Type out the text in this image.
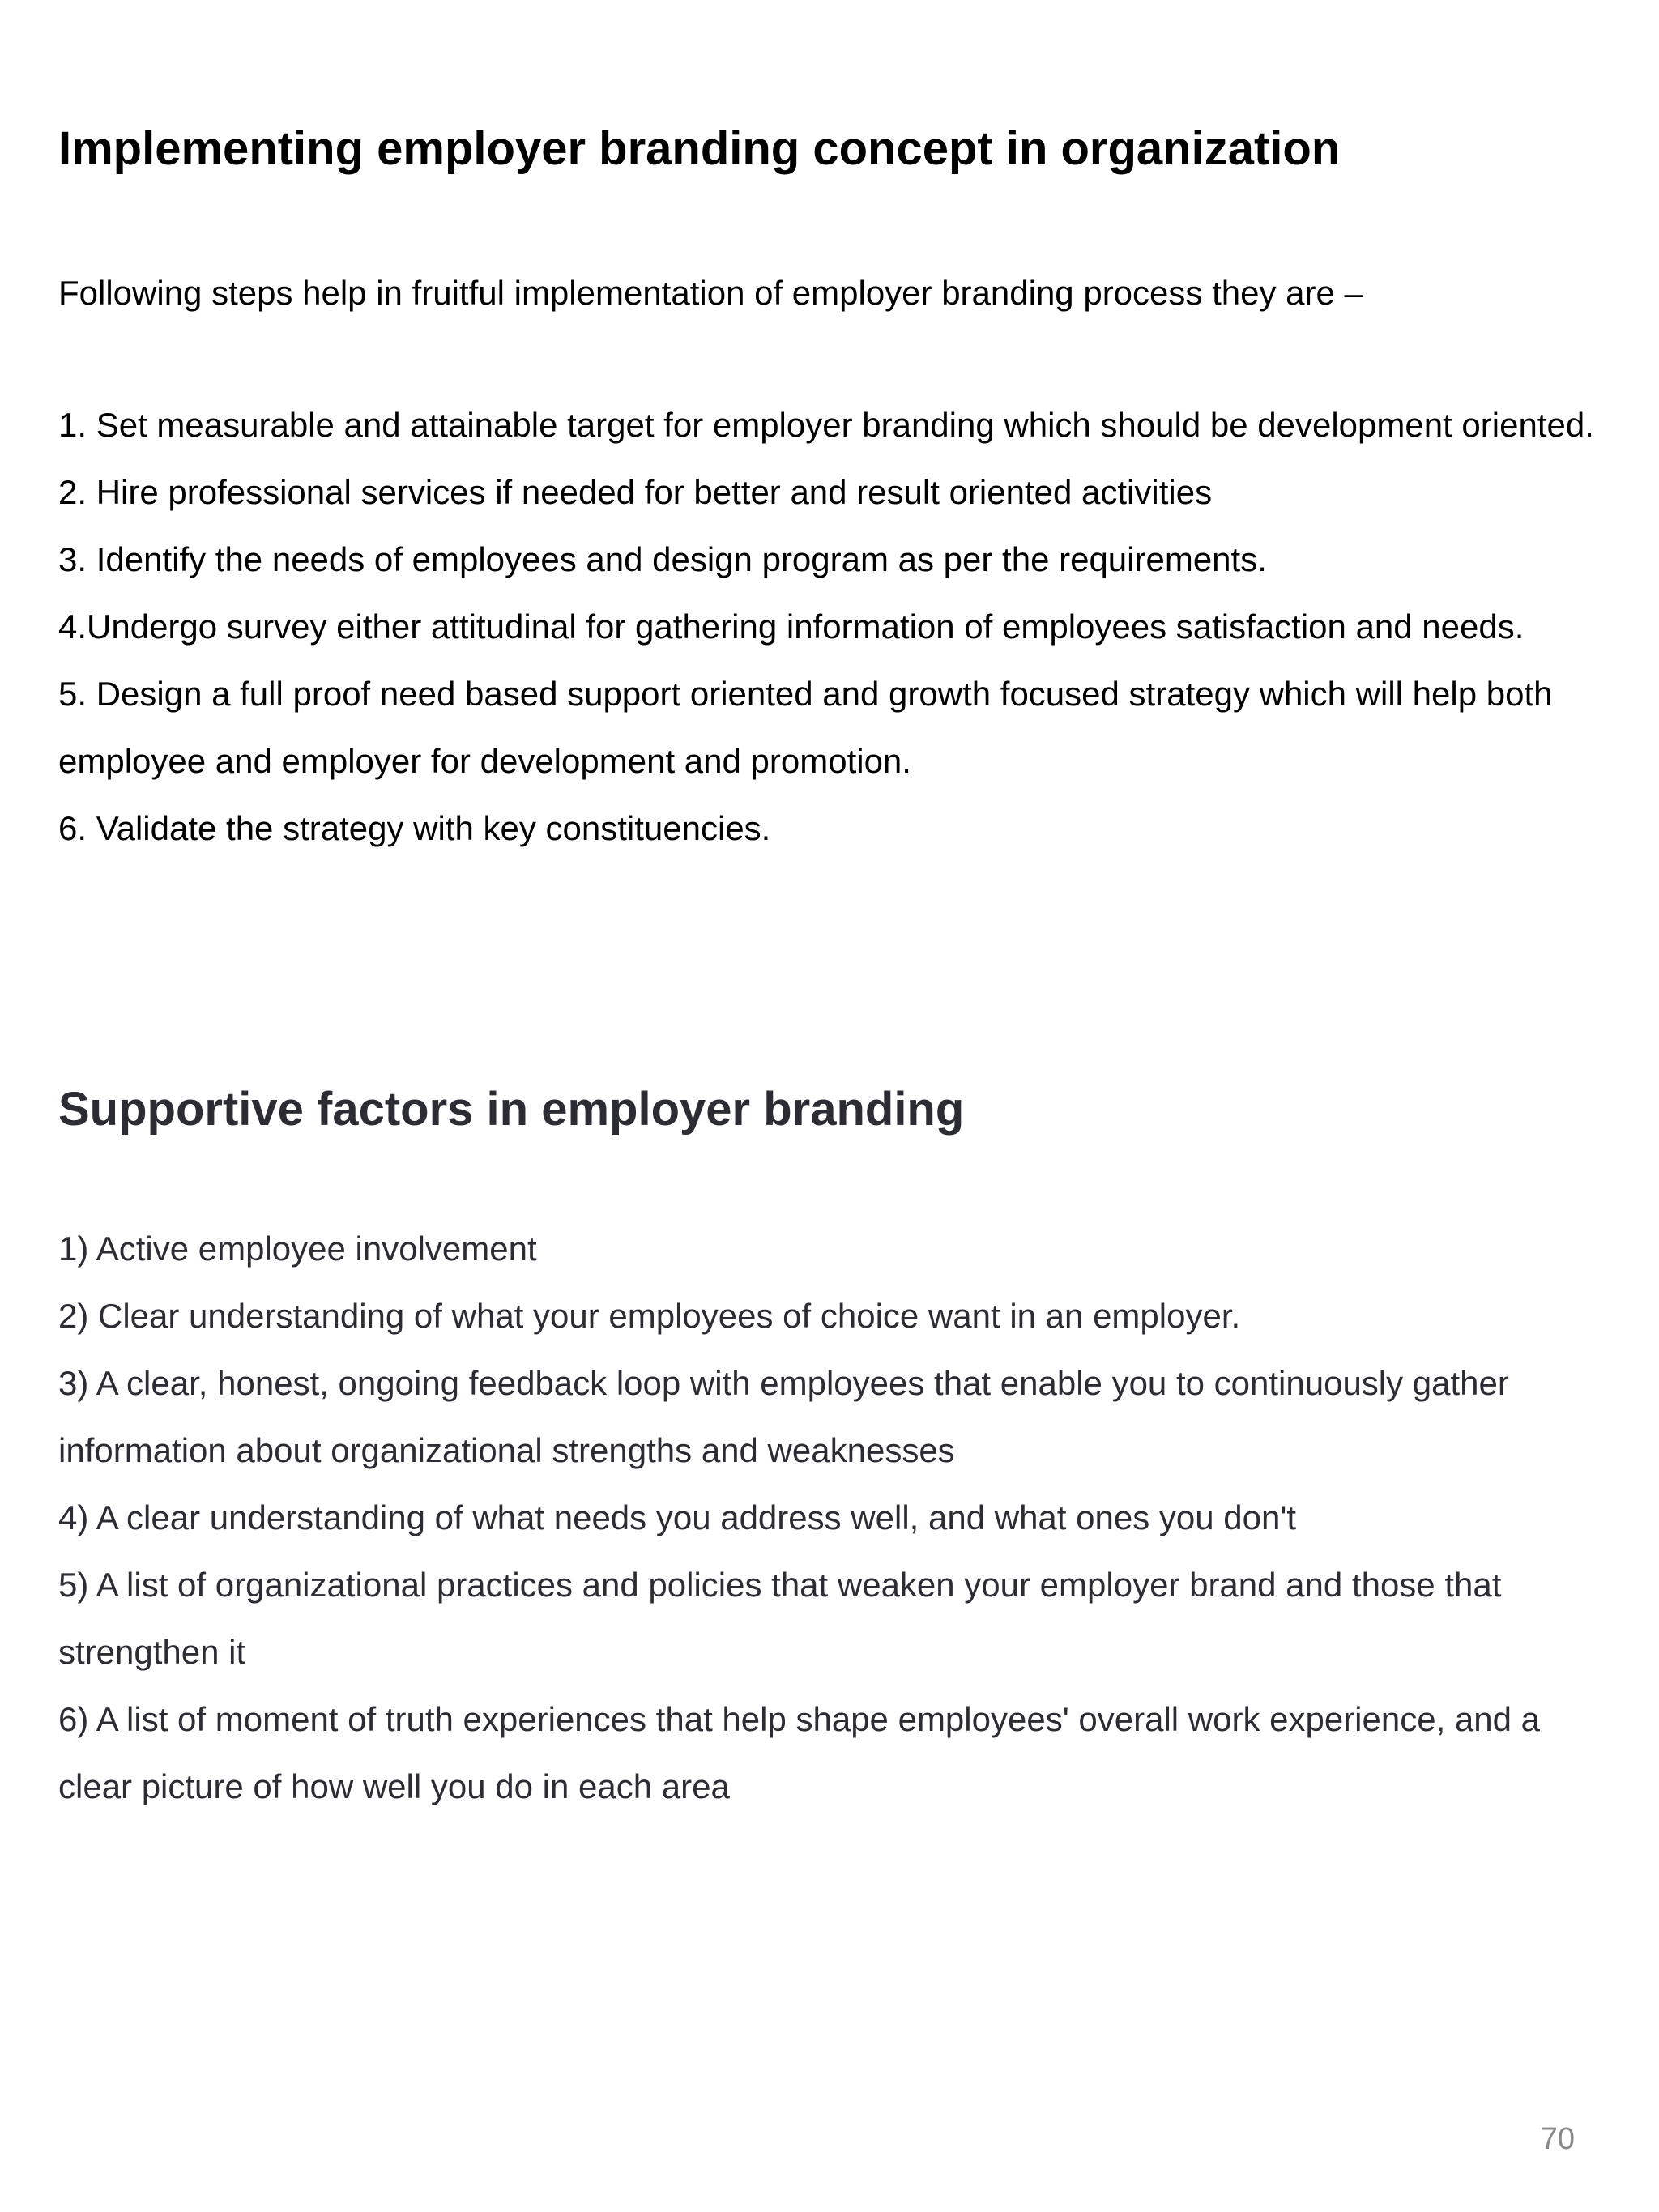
Implementing employer branding concept in organization

Following steps help in fruitful implementation of employer branding process they are –

1. Set measurable and attainable target for employer branding which should be development oriented.
2. Hire professional services if needed for better and result oriented activities
3. Identify the needs of employees and design program as per the requirements.
4.Undergo survey either attitudinal for gathering information of employees satisfaction and needs.
5. Design a full proof need based support oriented and growth focused strategy which will help both employee and employer for development and promotion.
6. Validate the strategy with key constituencies.
Supportive factors in employer branding
1) Active employee involvement
2) Clear understanding of what your employees of choice want in an employer.
3) A clear, honest, ongoing feedback loop with employees that enable you to continuously gather information about organizational strengths and weaknesses
4) A clear understanding of what needs you address well, and what ones you don't
5) A list of organizational practices and policies that weaken your employer brand and those that strengthen it
6) A list of moment of truth experiences that help shape employees' overall work experience, and a clear picture of how well you do in each area
70
